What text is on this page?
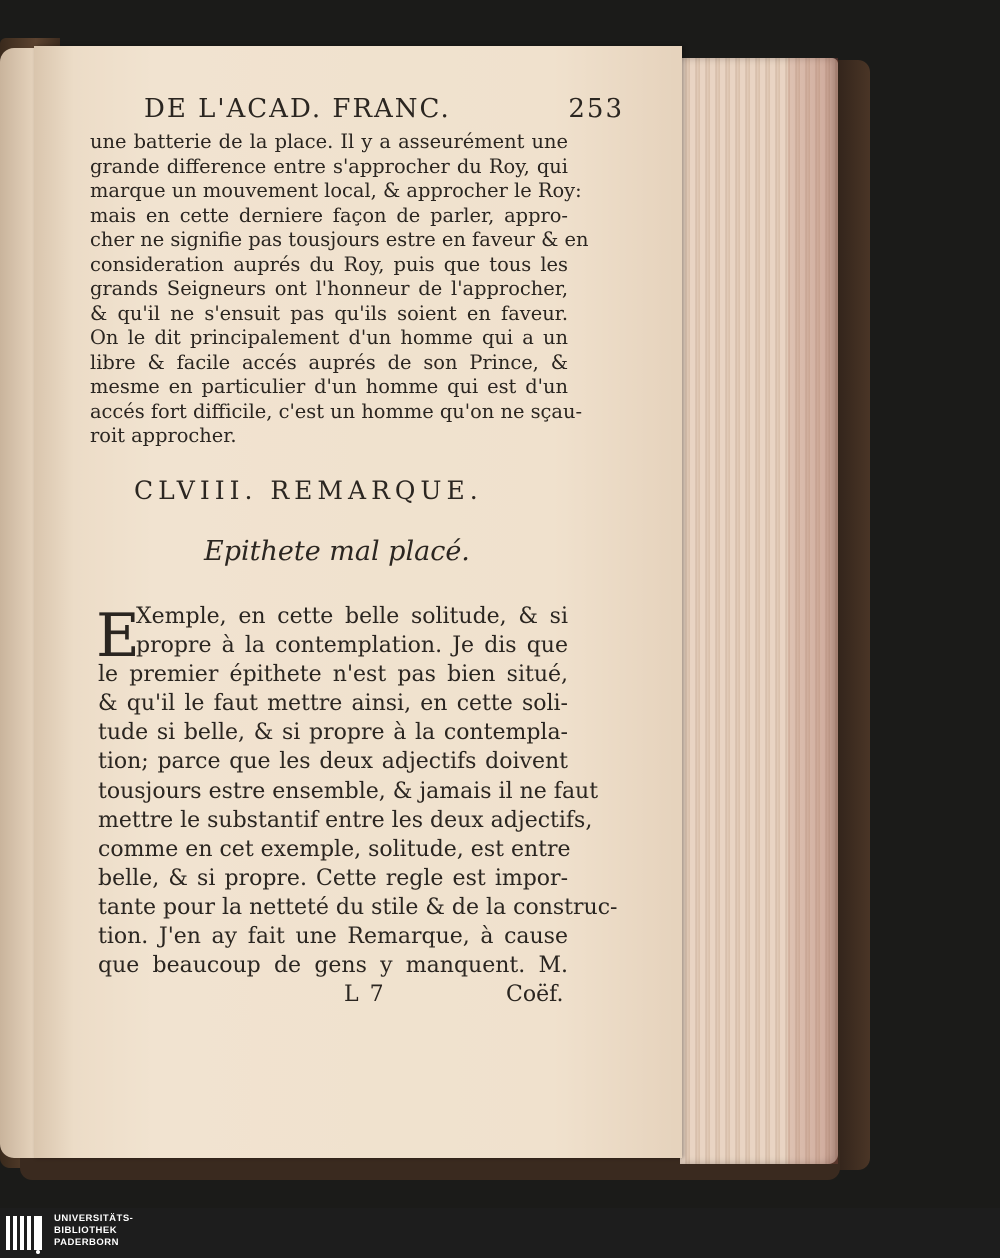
DE L'ACAD. FRANC.	253
une batterie de la place. Il y a asseurément une
grande difference entre s'approcher du Roy, qui
marque un mouvement local, & approcher le Roy:
mais en cette derniere façon de parler, appro-
cher ne signifie pas tousjours estre en faveur & en
consideration auprés du Roy, puis que tous les
grands Seigneurs ont l'honneur de l'approcher,
& qu'il ne s'ensuit pas qu'ils soient en faveur.
On le dit principalement d'un homme qui a un
libre & facile accés auprés de son Prince, &
mesme en particulier d'un homme qui est d'un
accés fort difficile, c'est un homme qu'on ne sçau-
roit approcher.
CLVIII. REMARQUE.
Epithete mal placé.
E
Xemple, en cette belle solitude, & si
propre à la contemplation. Je dis que
le premier épithete n'est pas bien situé,
& qu'il le faut mettre ainsi, en cette soli-
tude si belle, & si propre à la contempla-
tion; parce que les deux adjectifs doivent
tousjours estre ensemble, & jamais il ne faut
mettre le substantif entre les deux adjectifs,
comme en cet exemple, solitude, est entre
belle, & si propre. Cette regle est impor-
tante pour la netteté du stile & de la construc-
tion. J'en ay fait une Remarque, à cause
que beaucoup de gens y manquent. M.
L 7	Coëf.
UNIVERSITÄTS-
BIBLIOTHEK
PADERBORN
